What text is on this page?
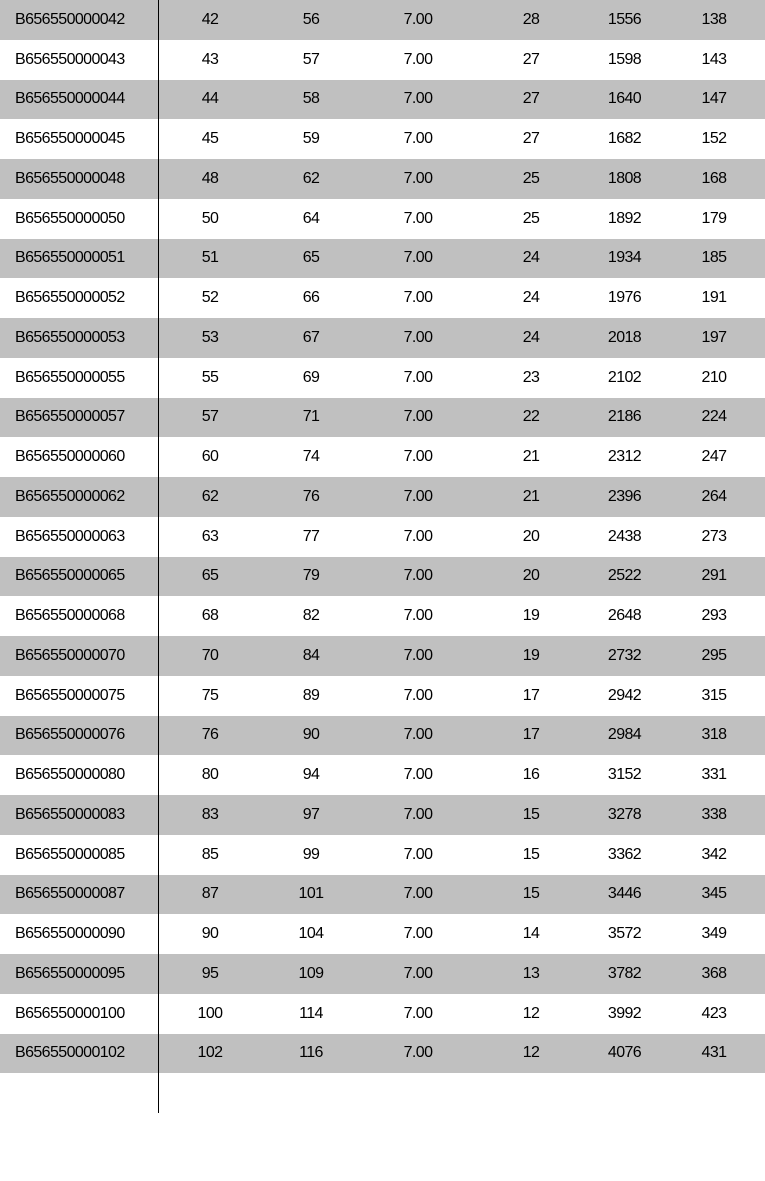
B656550000042	42	56	7.00	28	1556	138
B656550000043	43	57	7.00	27	1598	143
B656550000044	44	58	7.00	27	1640	147
B656550000045	45	59	7.00	27	1682	152
B656550000048	48	62	7.00	25	1808	168
B656550000050	50	64	7.00	25	1892	179
B656550000051	51	65	7.00	24	1934	185
B656550000052	52	66	7.00	24	1976	191
B656550000053	53	67	7.00	24	2018	197
B656550000055	55	69	7.00	23	2102	210
B656550000057	57	71	7.00	22	2186	224
B656550000060	60	74	7.00	21	2312	247
B656550000062	62	76	7.00	21	2396	264
B656550000063	63	77	7.00	20	2438	273
B656550000065	65	79	7.00	20	2522	291
B656550000068	68	82	7.00	19	2648	293
B656550000070	70	84	7.00	19	2732	295
B656550000075	75	89	7.00	17	2942	315
B656550000076	76	90	7.00	17	2984	318
B656550000080	80	94	7.00	16	3152	331
B656550000083	83	97	7.00	15	3278	338
B656550000085	85	99	7.00	15	3362	342
B656550000087	87	101	7.00	15	3446	345
B656550000090	90	104	7.00	14	3572	349
B656550000095	95	109	7.00	13	3782	368
B656550000100	100	114	7.00	12	3992	423
B656550000102	102	116	7.00	12	4076	431
